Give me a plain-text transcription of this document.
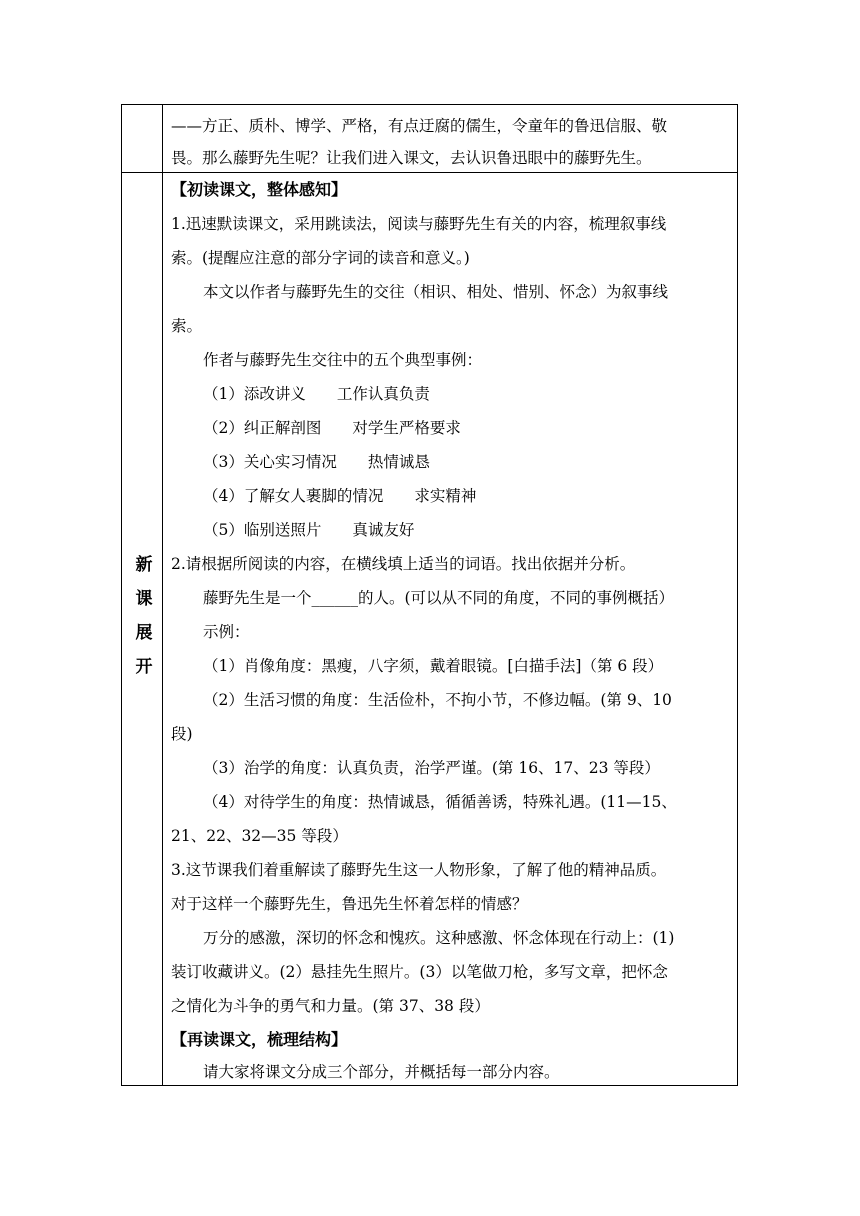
——方正、质朴、博学、严格，有点迂腐的儒生，令童年的鲁迅信服、敬
畏。那么藤野先生呢？让我们进入课文，去认识鲁迅眼中的藤野先生。
新
课
展
开
【初读课文，整体感知】
1.迅速默读课文，采用跳读法，阅读与藤野先生有关的内容，梳理叙事线
索。(提醒应注意的部分字词的读音和意义。)
本文以作者与藤野先生的交往（相识、相处、惜别、怀念）为叙事线
索。
作者与藤野先生交往中的五个典型事例：
（1）添改讲义　　工作认真负责
（2）纠正解剖图　　对学生严格要求
（3）关心实习情况　　热情诚恳
（4）了解女人裹脚的情况　　求实精神
（5）临别送照片　　真诚友好
2.请根据所阅读的内容，在横线填上适当的词语。找出依据并分析。
藤野先生是一个______的人。(可以从不同的角度，不同的事例概括）
示例：
（1）肖像角度：黑瘦，八字须，戴着眼镜。[白描手法]（第 6 段）
（2）生活习惯的角度：生活俭朴，不拘小节，不修边幅。(第 9、10
段)
（3）治学的角度：认真负责，治学严谨。(第 16、17、23 等段）
（4）对待学生的角度：热情诚恳，循循善诱，特殊礼遇。(11—15、
21、22、32—35 等段）
3.这节课我们着重解读了藤野先生这一人物形象，了解了他的精神品质。
对于这样一个藤野先生，鲁迅先生怀着怎样的情感？
万分的感激，深切的怀念和愧疚。这种感激、怀念体现在行动上：(1)
装订收藏讲义。(2）悬挂先生照片。(3）以笔做刀枪，多写文章，把怀念
之情化为斗争的勇气和力量。(第 37、38 段）
【再读课文，梳理结构】
请大家将课文分成三个部分，并概括每一部分内容。
